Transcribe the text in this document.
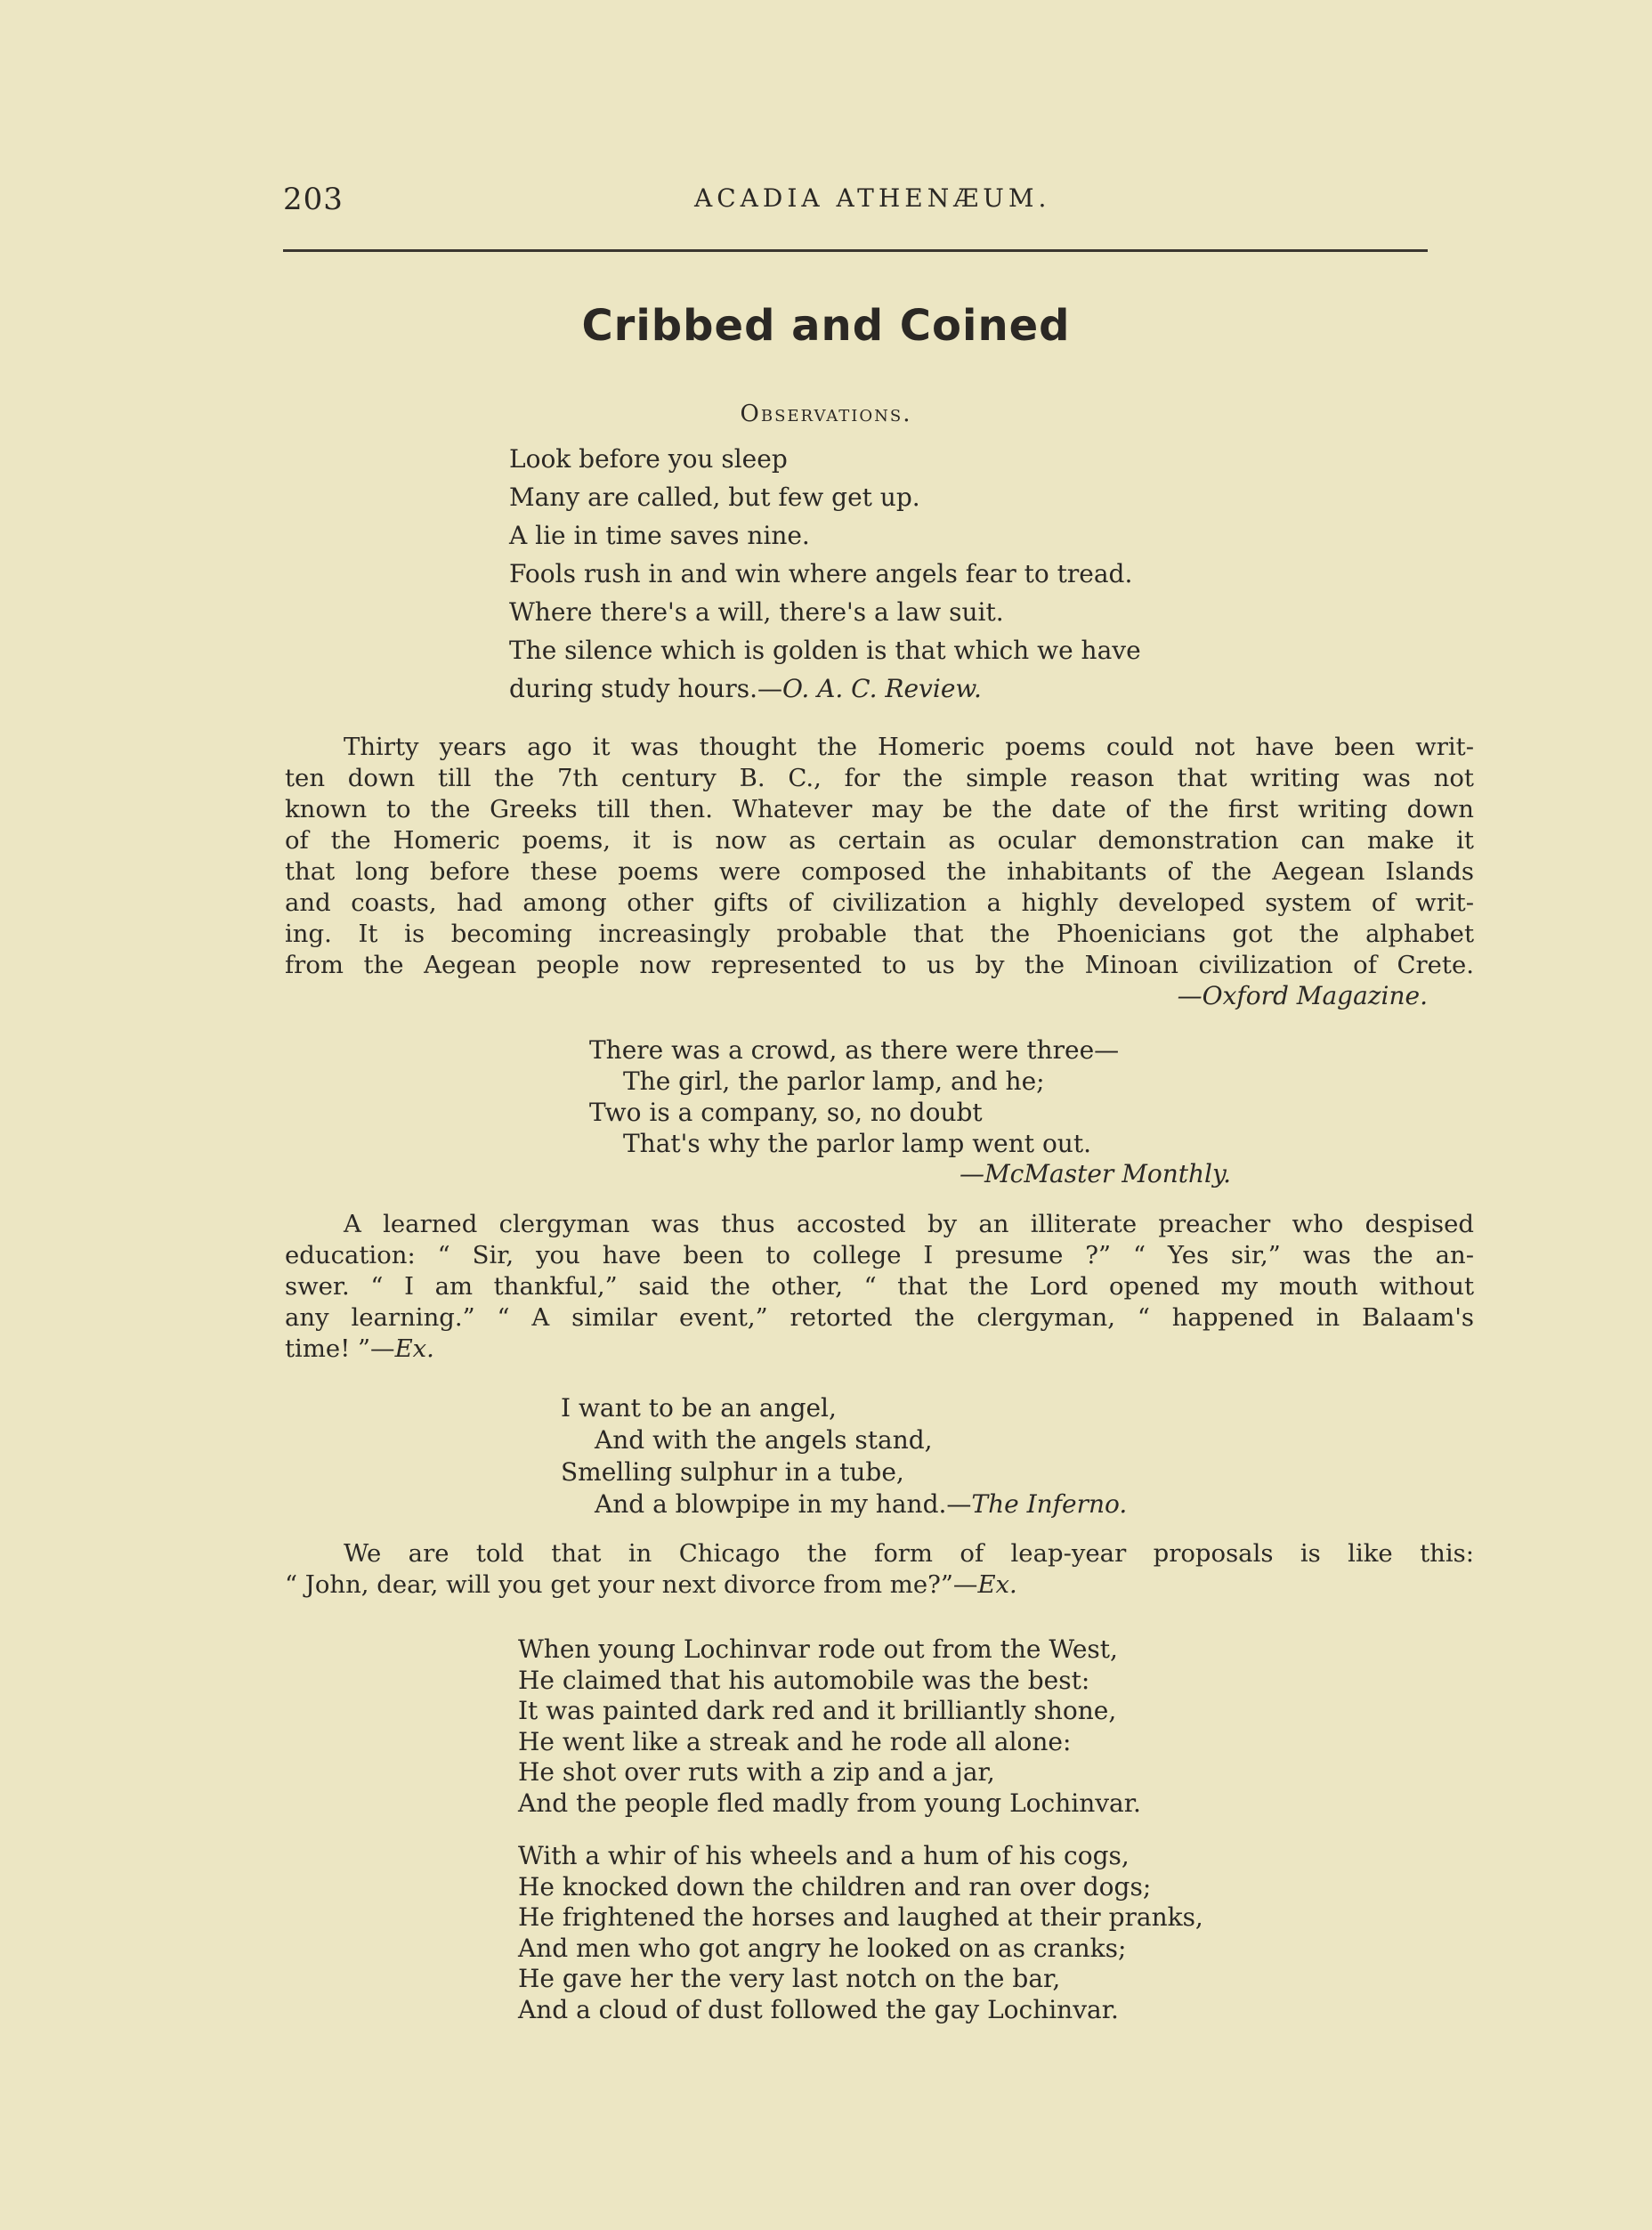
203	ACADIA ATHENÆUM.
Cribbed and Coined
Observations.
Look before you sleep
Many are called, but few get up.
A lie in time saves nine.
Fools rush in and win where angels fear to tread.
Where there's a will, there's a law suit.
The silence which is golden is that which we have
during study hours.—O. A. C. Review.
Thirty years ago it was thought the Homeric poems could not have been writ-
ten down till the 7th century B. C., for the simple reason that writing was not
known to the Greeks till then. Whatever may be the date of the first writing down
of the Homeric poems, it is now as certain as ocular demonstration can make it
that long before these poems were composed the inhabitants of the Aegean Islands
and coasts, had among other gifts of civilization a highly developed system of writ-
ing. It is becoming increasingly probable that the Phoenicians got the alphabet
from the Aegean people now represented to us by the Minoan civilization of Crete.
—Oxford Magazine.
There was a crowd, as there were three—
The girl, the parlor lamp, and he;
Two is a company, so, no doubt
That's why the parlor lamp went out.
—McMaster Monthly.
A learned clergyman was thus accosted by an illiterate preacher who despised
education: “ Sir, you have been to college I presume ?” “ Yes sir,” was the an-
swer. “ I am thankful,” said the other, “ that the Lord opened my mouth without
any learning.” “ A similar event,” retorted the clergyman, “ happened in Balaam's
time! ”—Ex.
I want to be an angel,
And with the angels stand,
Smelling sulphur in a tube,
And a blowpipe in my hand.—The Inferno.
We are told that in Chicago the form of leap-year proposals is like this:
“ John, dear, will you get your next divorce from me?”—Ex.
When young Lochinvar rode out from the West,
He claimed that his automobile was the best:
It was painted dark red and it brilliantly shone,
He went like a streak and he rode all alone:
He shot over ruts with a zip and a jar,
And the people fled madly from young Lochinvar.
With a whir of his wheels and a hum of his cogs,
He knocked down the children and ran over dogs;
He frightened the horses and laughed at their pranks,
And men who got angry he looked on as cranks;
He gave her the very last notch on the bar,
And a cloud of dust followed the gay Lochinvar.
